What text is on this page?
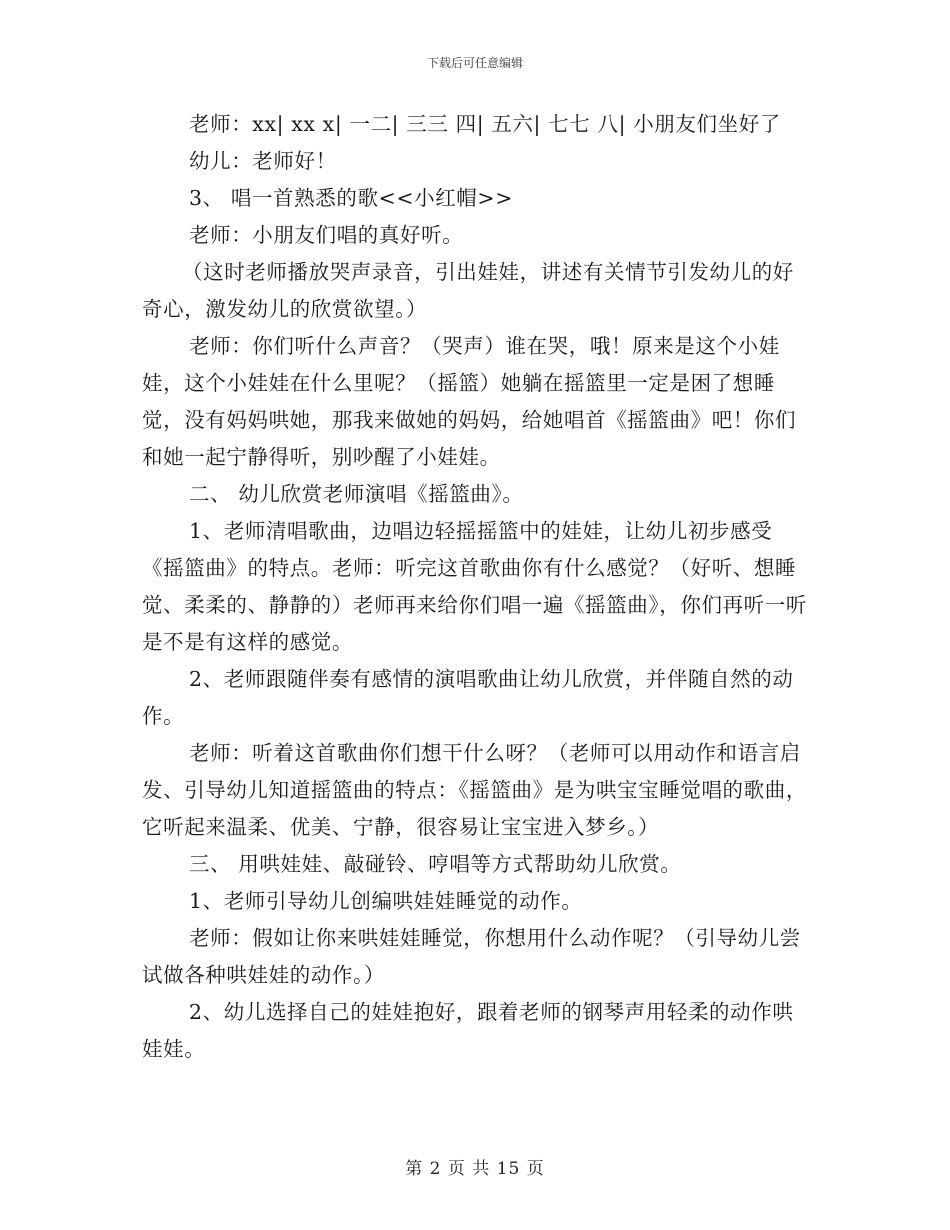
下载后可任意编辑

老师：xx| xx x| 一二| 三三 四| 五六| 七七 八| 小朋友们坐好了

幼儿：老师好！

3、 唱一首熟悉的歌<<小红帽>>

老师：小朋友们唱的真好听。

（这时老师播放哭声录音，引出娃娃，讲述有关情节引发幼儿的好奇心，激发幼儿的欣赏欲望。）

老师：你们听什么声音？（哭声）谁在哭，哦！原来是这个小娃娃，这个小娃娃在什么里呢？（摇篮）她躺在摇篮里一定是困了想睡觉，没有妈妈哄她，那我来做她的妈妈，给她唱首《摇篮曲》吧！你们和她一起宁静得听，别吵醒了小娃娃。

二、 幼儿欣赏老师演唱《摇篮曲》。

1、老师清唱歌曲，边唱边轻摇摇篮中的娃娃，让幼儿初步感受《摇篮曲》的特点。老师：听完这首歌曲你有什么感觉？（好听、想睡觉、柔柔的、静静的）老师再来给你们唱一遍《摇篮曲》，你们再听一听是不是有这样的感觉。

2、老师跟随伴奏有感情的演唱歌曲让幼儿欣赏，并伴随自然的动作。

老师：听着这首歌曲你们想干什么呀？（老师可以用动作和语言启发、引导幼儿知道摇篮曲的特点：《摇篮曲》是为哄宝宝睡觉唱的歌曲，它听起来温柔、优美、宁静，很容易让宝宝进入梦乡。）

三、 用哄娃娃、敲碰铃、哼唱等方式帮助幼儿欣赏。

1、老师引导幼儿创编哄娃娃睡觉的动作。

老师：假如让你来哄娃娃睡觉，你想用什么动作呢？（引导幼儿尝试做各种哄娃娃的动作。）

2、幼儿选择自己的娃娃抱好，跟着老师的钢琴声用轻柔的动作哄娃娃。

第 2 页 共 15 页
